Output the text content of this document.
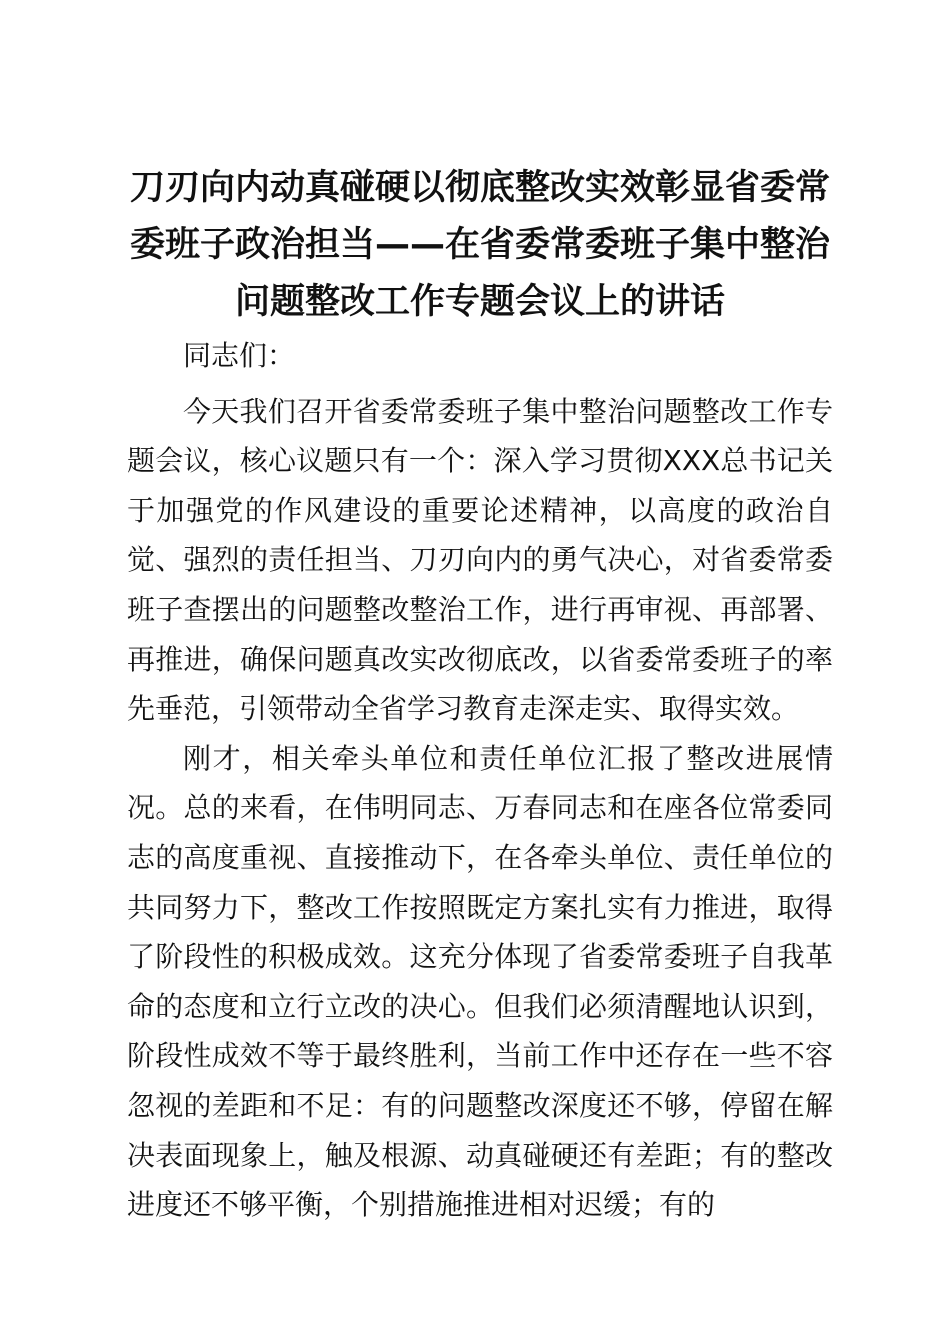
刀刃向内动真碰硬以彻底整改实效彰显省委常委班子政治担当——在省委常委班子集中整治问题整改工作专题会议上的讲话

同志们：

今天我们召开省委常委班子集中整治问题整改工作专题会议，核心议题只有一个：深入学习贯彻XXX总书记关于加强党的作风建设的重要论述精神，以高度的政治自觉、强烈的责任担当、刀刃向内的勇气决心，对省委常委班子查摆出的问题整改整治工作，进行再审视、再部署、再推进，确保问题真改实改彻底改，以省委常委班子的率先垂范，引领带动全省学习教育走深走实、取得实效。

刚才，相关牵头单位和责任单位汇报了整改进展情况。总的来看，在伟明同志、万春同志和在座各位常委同志的高度重视、直接推动下，在各牵头单位、责任单位的共同努力下，整改工作按照既定方案扎实有力推进，取得了阶段性的积极成效。这充分体现了省委常委班子自我革命的态度和立行立改的决心。但我们必须清醒地认识到，阶段性成效不等于最终胜利，当前工作中还存在一些不容忽视的差距和不足：有的问题整改深度还不够，停留在解决表面现象上，触及根源、动真碰硬还有差距；有的整改进度还不够平衡，个别措施推进相对迟缓；有的
